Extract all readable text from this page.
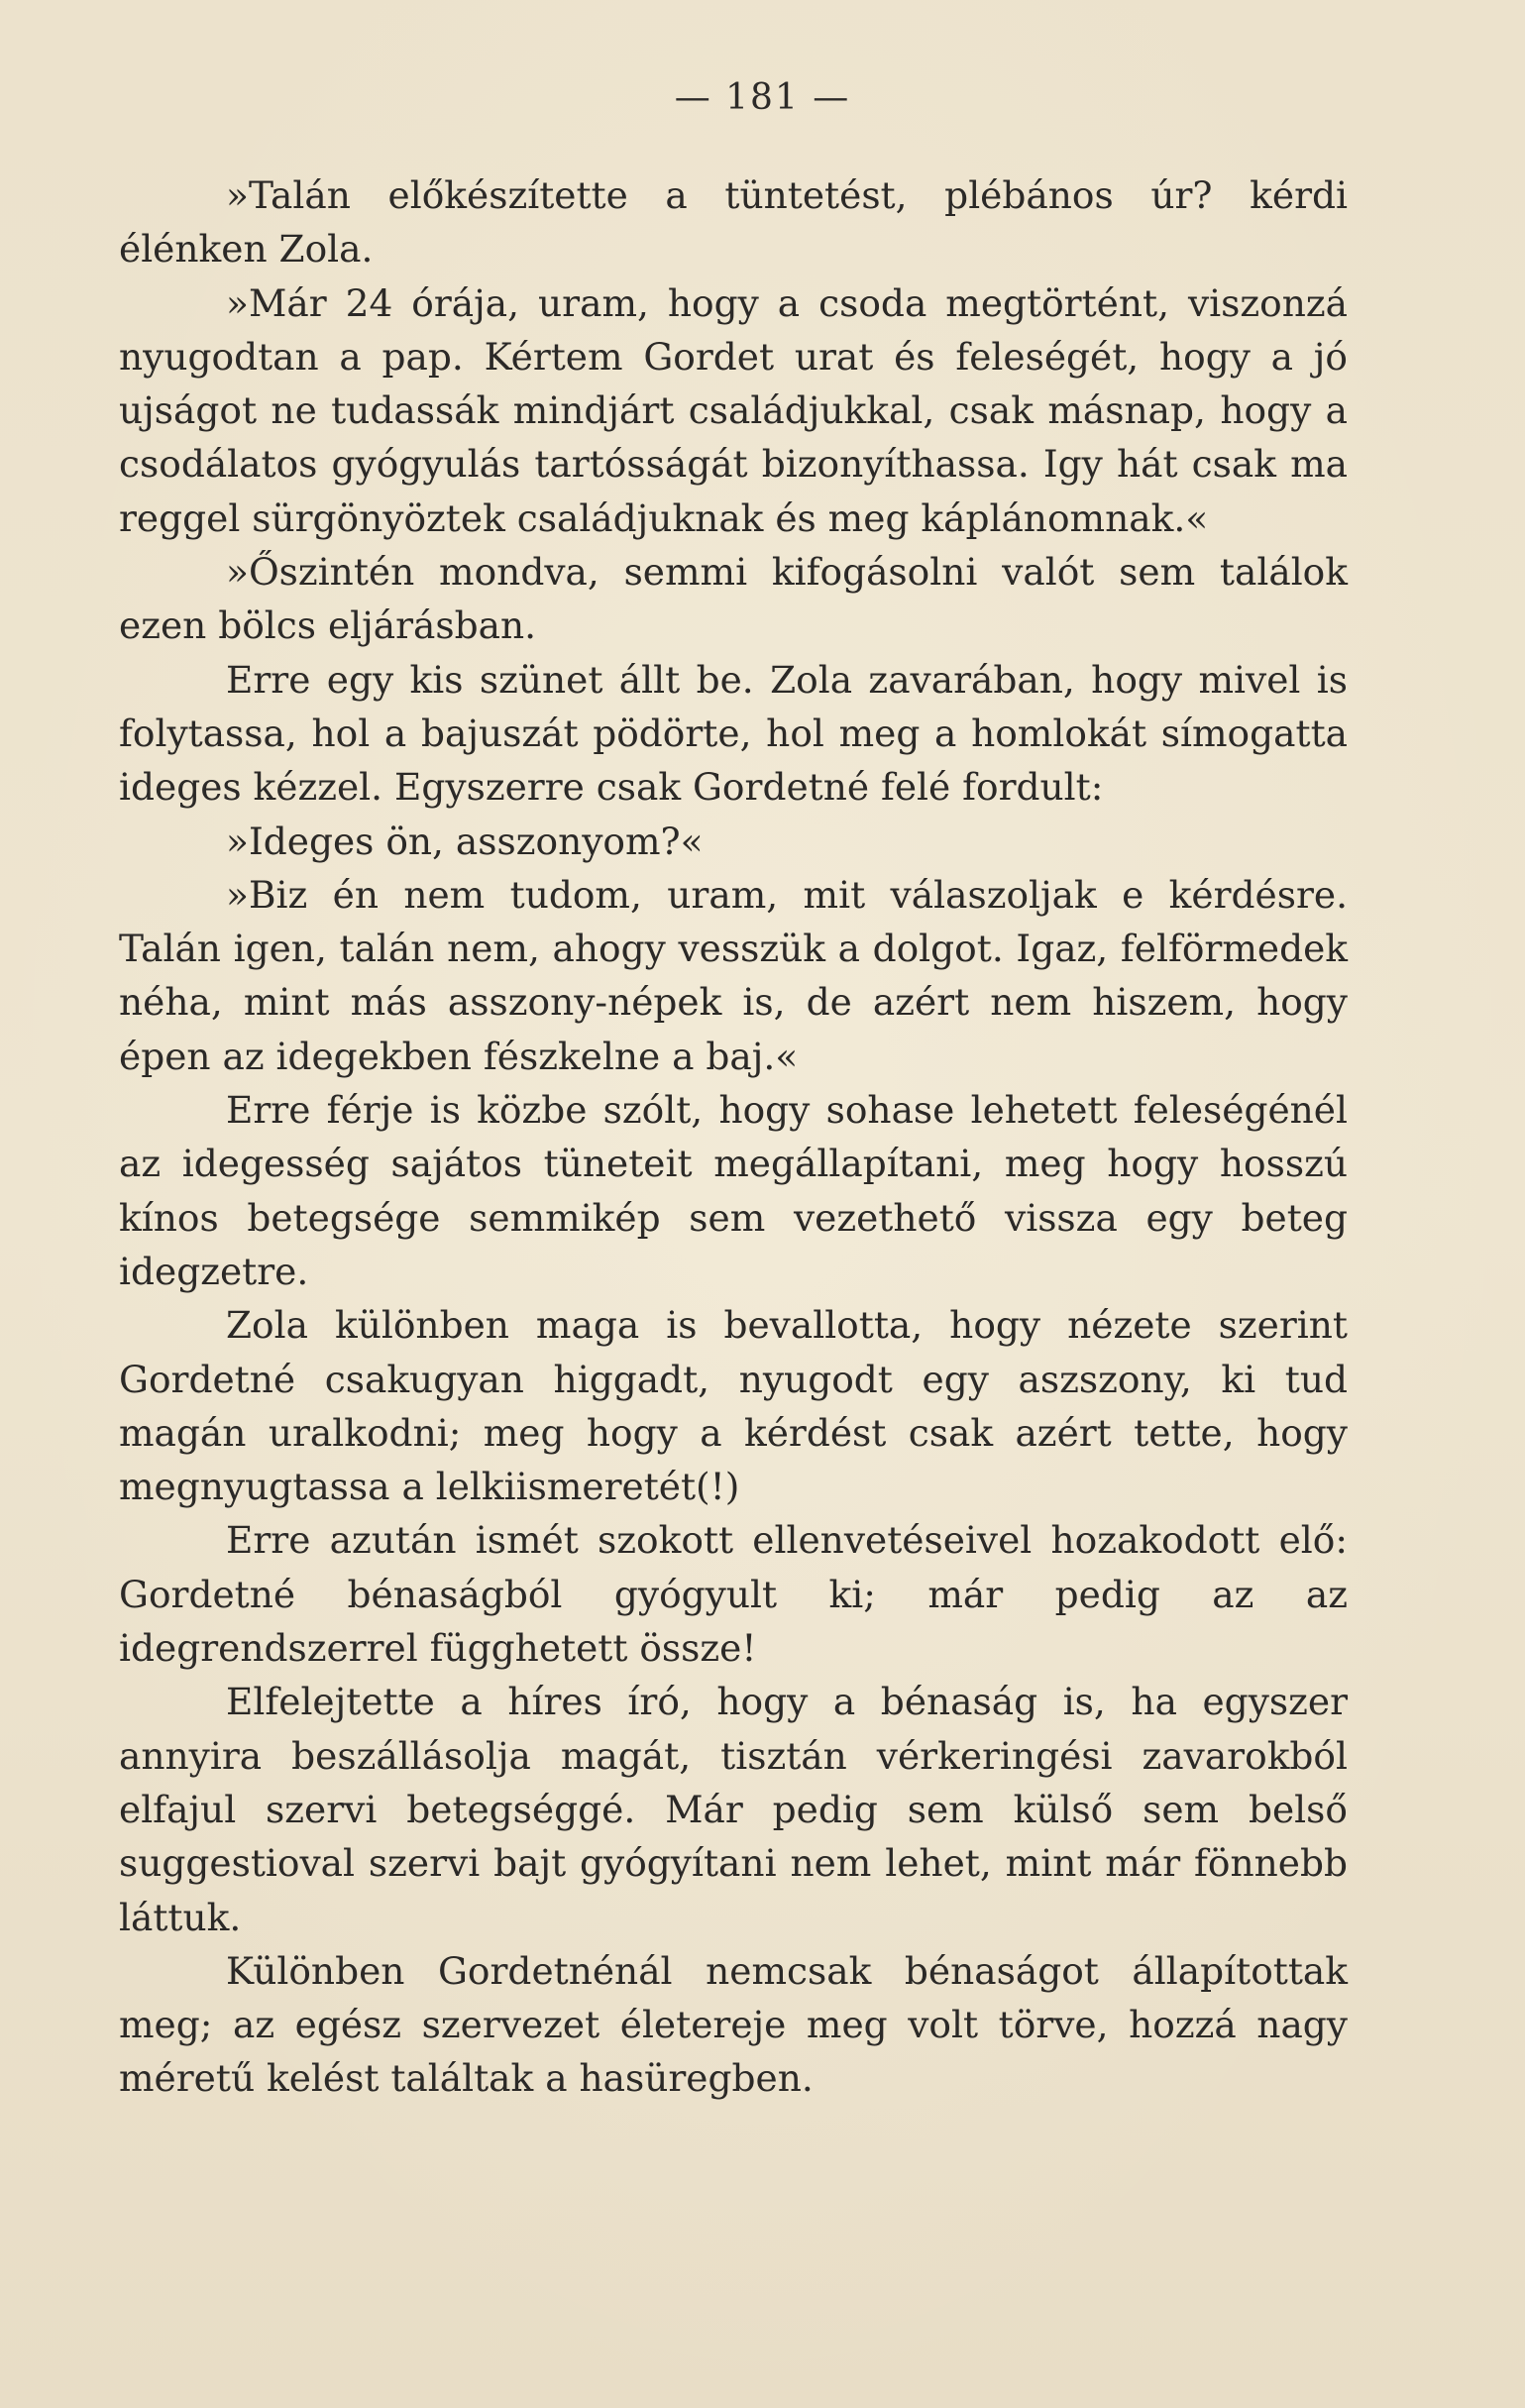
— 181 —

»Talán előkészítette a tüntetést, plébános úr? kérdi élénken Zola.

»Már 24 órája, uram, hogy a csoda megtörtént, viszonzá nyugodtan a pap. Kértem Gordet urat és feleségét, hogy a jó ujságot ne tudassák mindjárt családjukkal, csak másnap, hogy a csodálatos gyógyulás tartósságát bizonyíthassa. Igy hát csak ma reggel sürgönyöztek családjuknak és meg káplánomnak.«

»Őszintén mondva, semmi kifogásolni valót sem találok ezen bölcs eljárásban.

Erre egy kis szünet állt be. Zola zavarában, hogy mivel is folytassa, hol a bajuszát pödörte, hol meg a homlokát símogatta ideges kézzel. Egyszerre csak Gordetné felé fordult:

»Ideges ön, asszonyom?«

»Biz én nem tudom, uram, mit válaszoljak e kérdésre. Talán igen, talán nem, ahogy vesszük a dolgot. Igaz, felförmedek néha, mint más asszony-népek is, de azért nem hiszem, hogy épen az idegekben fészkelne a baj.«

Erre férje is közbe szólt, hogy sohase lehetett feleségénél az idegesség sajátos tüneteit megállapítani, meg hogy hosszú kínos betegsége semmikép sem vezethető vissza egy beteg idegzetre.

Zola különben maga is bevallotta, hogy nézete szerint Gordetné csakugyan higgadt, nyugodt egy aszszony, ki tud magán uralkodni; meg hogy a kérdést csak azért tette, hogy megnyugtassa a lelkiismeretét(!)

Erre azután ismét szokott ellenvetéseivel hozakodott elő: Gordetné bénaságból gyógyult ki; már pedig az az idegrendszerrel függhetett össze!

Elfelejtette a híres író, hogy a bénaság is, ha egyszer annyira beszállásolja magát, tisztán vérkeringési zavarokból elfajul szervi betegséggé. Már pedig sem külső sem belső suggestioval szervi bajt gyógyítani nem lehet, mint már fönnebb láttuk.

Különben Gordetnénál nemcsak bénaságot állapítottak meg; az egész szervezet életereje meg volt törve, hozzá nagy méretű kelést találtak a hasüregben.
